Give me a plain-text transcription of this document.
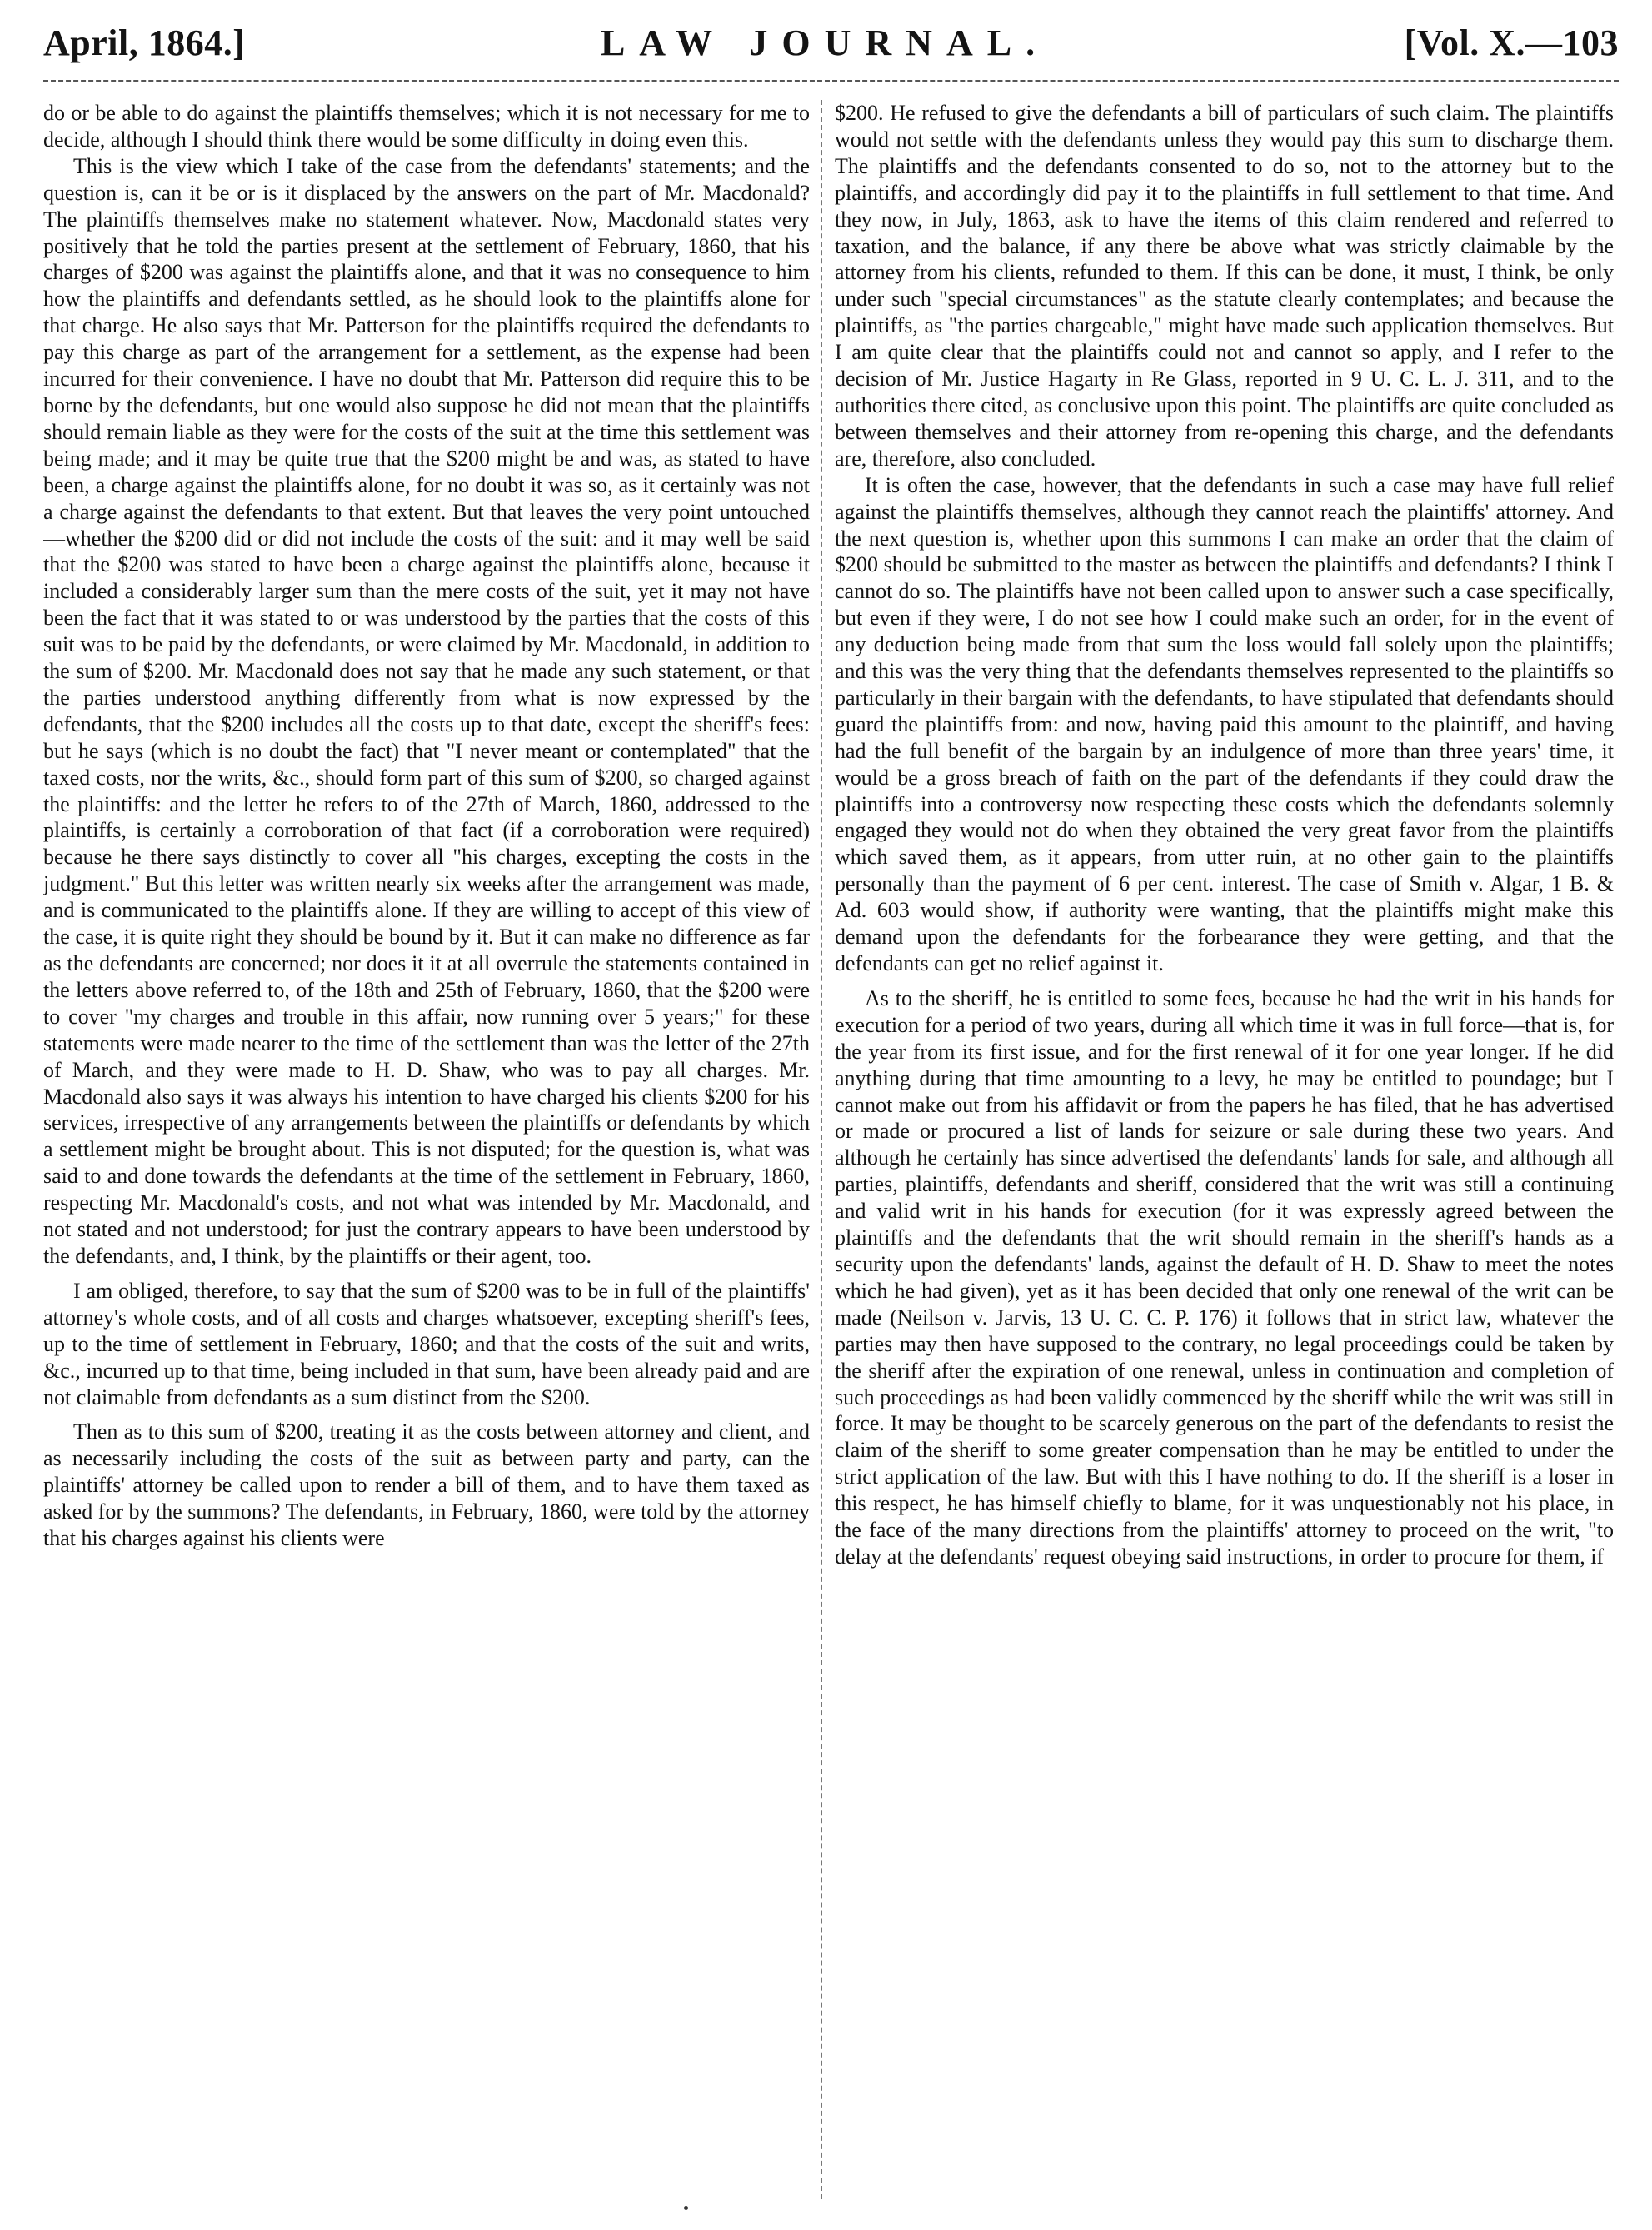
April, 1864.]	LAW JOURNAL.	[Vol. X.—103

do or be able to do against the plaintiffs themselves; which it is not necessary for me to decide, although I should think there would be some difficulty in doing even this.

This is the view which I take of the case from the defendants' statements; and the question is, can it be or is it displaced by the answers on the part of Mr. Macdonald? The plaintiffs themselves make no statement whatever. Now, Macdonald states very positively that he told the parties present at the settlement of February, 1860, that his charges of $200 was against the plaintiffs alone, and that it was no consequence to him how the plaintiffs and defendants settled, as he should look to the plaintiffs alone for that charge. He also says that Mr. Patterson for the plaintiffs required the defendants to pay this charge as part of the arrangement for a settlement, as the expense had been incurred for their convenience. I have no doubt that Mr. Patterson did require this to be borne by the defendants, but one would also suppose he did not mean that the plaintiffs should remain liable as they were for the costs of the suit at the time this settlement was being made; and it may be quite true that the $200 might be and was, as stated to have been, a charge against the plaintiffs alone, for no doubt it was so, as it certainly was not a charge against the defendants to that extent. But that leaves the very point untouched—whether the $200 did or did not include the costs of the suit: and it may well be said that the $200 was stated to have been a charge against the plaintiffs alone, because it included a considerably larger sum than the mere costs of the suit, yet it may not have been the fact that it was stated to or was understood by the parties that the costs of this suit was to be paid by the defendants, or were claimed by Mr. Macdonald, in addition to the sum of $200. Mr. Macdonald does not say that he made any such statement, or that the parties understood anything differently from what is now expressed by the defendants, that the $200 includes all the costs up to that date, except the sheriff's fees: but he says (which is no doubt the fact) that "I never meant or contemplated" that the taxed costs, nor the writs, &c., should form part of this sum of $200, so charged against the plaintiffs: and the letter he refers to of the 27th of March, 1860, addressed to the plaintiffs, is certainly a corroboration of that fact (if a corroboration were required) because he there says distinctly to cover all "his charges, excepting the costs in the judgment." But this letter was written nearly six weeks after the arrangement was made, and is communicated to the plaintiffs alone. If they are willing to accept of this view of the case, it is quite right they should be bound by it. But it can make no difference as far as the defendants are concerned; nor does it it at all overrule the statements contained in the letters above referred to, of the 18th and 25th of February, 1860, that the $200 were to cover "my charges and trouble in this affair, now running over 5 years;" for these statements were made nearer to the time of the settlement than was the letter of the 27th of March, and they were made to H. D. Shaw, who was to pay all charges. Mr. Macdonald also says it was always his intention to have charged his clients $200 for his services, irrespective of any arrangements between the plaintiffs or defendants by which a settlement might be brought about. This is not disputed; for the question is, what was said to and done towards the defendants at the time of the settlement in February, 1860, respecting Mr. Macdonald's costs, and not what was intended by Mr. Macdonald, and not stated and not understood; for just the contrary appears to have been understood by the defendants, and, I think, by the plaintiffs or their agent, too.

I am obliged, therefore, to say that the sum of $200 was to be in full of the plaintiffs' attorney's whole costs, and of all costs and charges whatsoever, excepting sheriff's fees, up to the time of settlement in February, 1860; and that the costs of the suit and writs, &c., incurred up to that time, being included in that sum, have been already paid and are not claimable from defendants as a sum distinct from the $200.

Then as to this sum of $200, treating it as the costs between attorney and client, and as necessarily including the costs of the suit as between party and party, can the plaintiffs' attorney be called upon to render a bill of them, and to have them taxed as asked for by the summons? The defendants, in February, 1860, were told by the attorney that his charges against his clients were

$200. He refused to give the defendants a bill of particulars of such claim. The plaintiffs would not settle with the defendants unless they would pay this sum to discharge them. The plaintiffs and the defendants consented to do so, not to the attorney but to the plaintiffs, and accordingly did pay it to the plaintiffs in full settlement to that time. And they now, in July, 1863, ask to have the items of this claim rendered and referred to taxation, and the balance, if any there be above what was strictly claimable by the attorney from his clients, refunded to them. If this can be done, it must, I think, be only under such "special circumstances" as the statute clearly contemplates; and because the plaintiffs, as "the parties chargeable," might have made such application themselves. But I am quite clear that the plaintiffs could not and cannot so apply, and I refer to the decision of Mr. Justice Hagarty in Re Glass, reported in 9 U. C. L. J. 311, and to the authorities there cited, as conclusive upon this point. The plaintiffs are quite concluded as between themselves and their attorney from re-opening this charge, and the defendants are, therefore, also concluded.

It is often the case, however, that the defendants in such a case may have full relief against the plaintiffs themselves, although they cannot reach the plaintiffs' attorney. And the next question is, whether upon this summons I can make an order that the claim of $200 should be submitted to the master as between the plaintiffs and defendants? I think I cannot do so. The plaintiffs have not been called upon to answer such a case specifically, but even if they were, I do not see how I could make such an order, for in the event of any deduction being made from that sum the loss would fall solely upon the plaintiffs; and this was the very thing that the defendants themselves represented to the plaintiffs so particularly in their bargain with the defendants, to have stipulated that defendants should guard the plaintiffs from: and now, having paid this amount to the plaintiff, and having had the full benefit of the bargain by an indulgence of more than three years' time, it would be a gross breach of faith on the part of the defendants if they could draw the plaintiffs into a controversy now respecting these costs which the defendants solemnly engaged they would not do when they obtained the very great favor from the plaintiffs which saved them, as it appears, from utter ruin, at no other gain to the plaintiffs personally than the payment of 6 per cent. interest. The case of Smith v. Algar, 1 B. & Ad. 603 would show, if authority were wanting, that the plaintiffs might make this demand upon the defendants for the forbearance they were getting, and that the defendants can get no relief against it.

As to the sheriff, he is entitled to some fees, because he had the writ in his hands for execution for a period of two years, during all which time it was in full force—that is, for the year from its first issue, and for the first renewal of it for one year longer. If he did anything during that time amounting to a levy, he may be entitled to poundage; but I cannot make out from his affidavit or from the papers he has filed, that he has advertised or made or procured a list of lands for seizure or sale during these two years. And although he certainly has since advertised the defendants' lands for sale, and although all parties, plaintiffs, defendants and sheriff, considered that the writ was still a continuing and valid writ in his hands for execution (for it was expressly agreed between the plaintiffs and the defendants that the writ should remain in the sheriff's hands as a security upon the defendants' lands, against the default of H. D. Shaw to meet the notes which he had given), yet as it has been decided that only one renewal of the writ can be made (Neilson v. Jarvis, 13 U. C. C. P. 176) it follows that in strict law, whatever the parties may then have supposed to the contrary, no legal proceedings could be taken by the sheriff after the expiration of one renewal, unless in continuation and completion of such proceedings as had been validly commenced by the sheriff while the writ was still in force. It may be thought to be scarcely generous on the part of the defendants to resist the claim of the sheriff to some greater compensation than he may be entitled to under the strict application of the law. But with this I have nothing to do. If the sheriff is a loser in this respect, he has himself chiefly to blame, for it was unquestionably not his place, in the face of the many directions from the plaintiffs' attorney to proceed on the writ, "to delay at the defendants' request obeying said instructions, in order to procure for them, if
